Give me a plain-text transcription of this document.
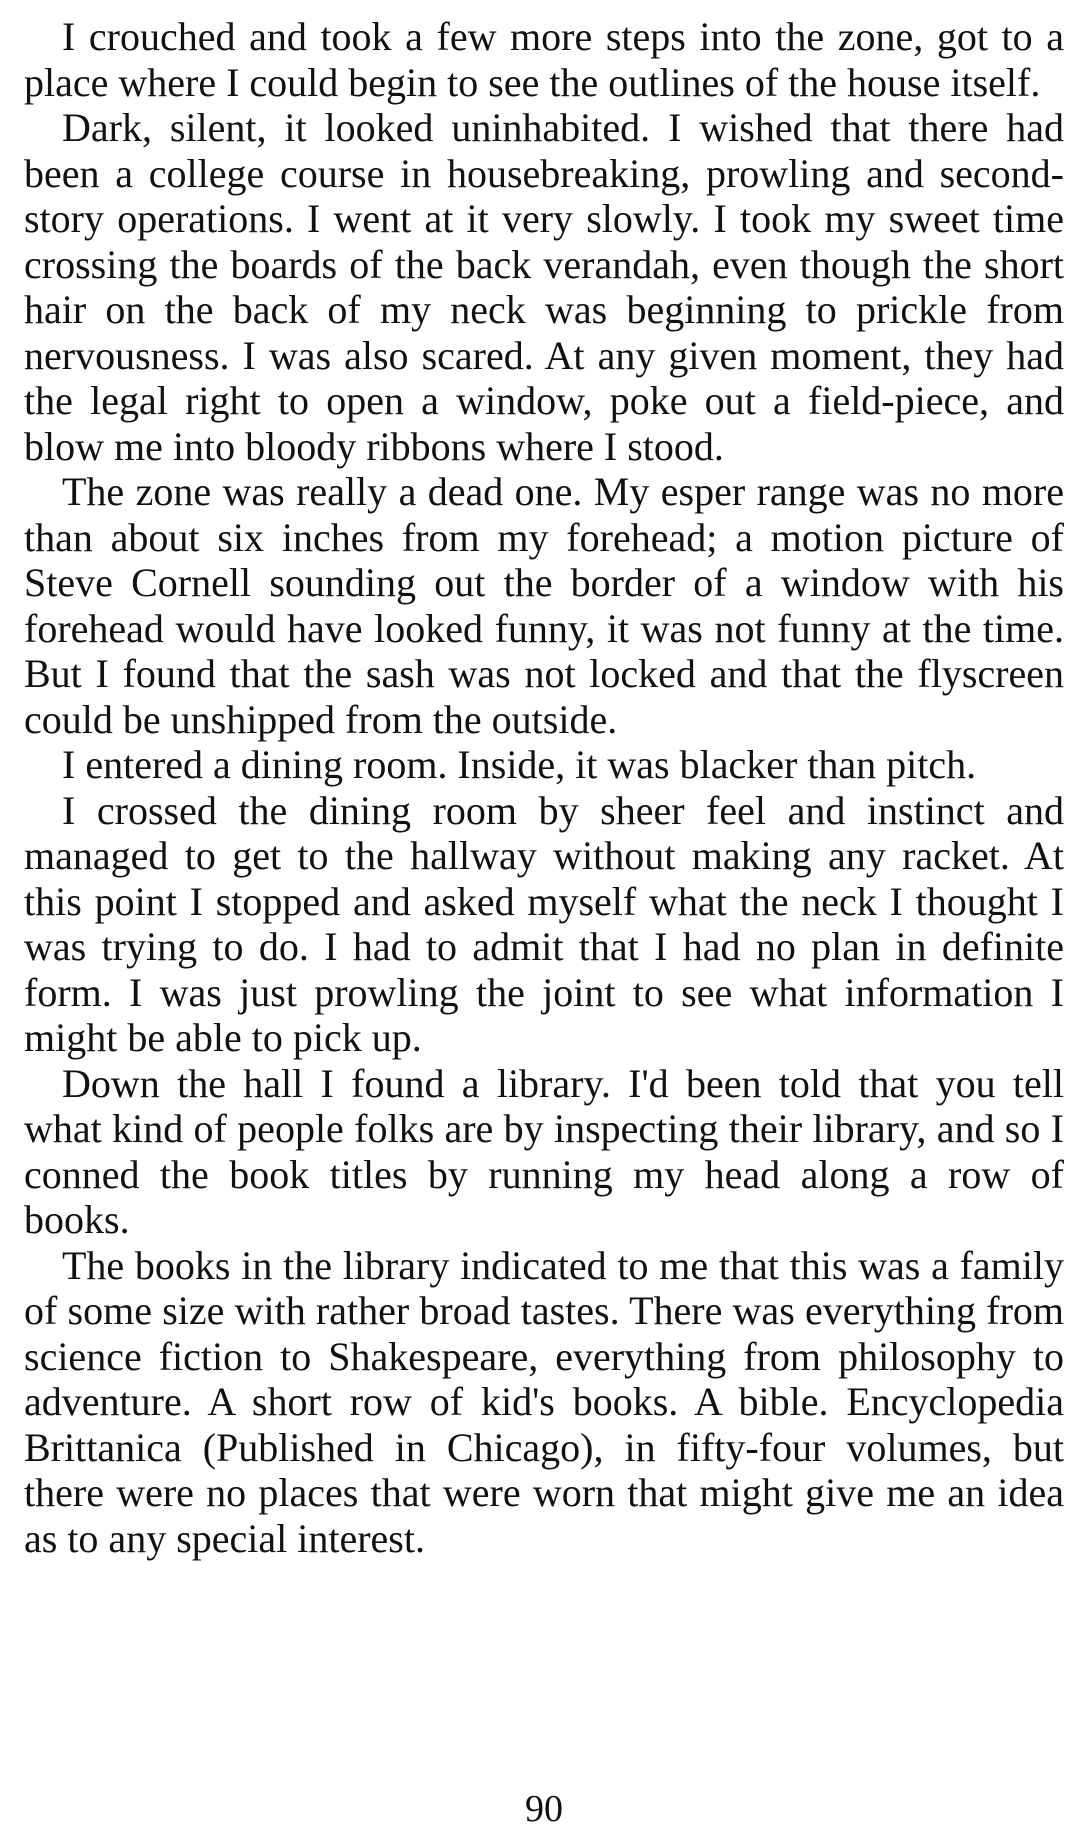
I crouched and took a few more steps into the zone, got to a place where I could begin to see the outlines of the house itself.

Dark, silent, it looked uninhabited. I wished that there had been a college course in housebreaking, prowling and second-story operations. I went at it very slowly. I took my sweet time crossing the boards of the back verandah, even though the short hair on the back of my neck was beginning to prickle from nervousness. I was also scared. At any given moment, they had the legal right to open a window, poke out a field-piece, and blow me into bloody ribbons where I stood.

The zone was really a dead one. My esper range was no more than about six inches from my forehead; a motion picture of Steve Cornell sounding out the border of a window with his forehead would have looked funny, it was not funny at the time. But I found that the sash was not locked and that the flyscreen could be unshipped from the outside.

I entered a dining room. Inside, it was blacker than pitch.

I crossed the dining room by sheer feel and instinct and managed to get to the hallway without making any racket. At this point I stopped and asked myself what the neck I thought I was trying to do. I had to admit that I had no plan in definite form. I was just prowling the joint to see what information I might be able to pick up.

Down the hall I found a library. I'd been told that you tell what kind of people folks are by inspecting their library, and so I conned the book titles by running my head along a row of books.

The books in the library indicated to me that this was a family of some size with rather broad tastes. There was everything from science fiction to Shakespeare, everything from philosophy to adventure. A short row of kid's books. A bible. Encyclopedia Brittanica (Published in Chicago), in fifty-four volumes, but there were no places that were worn that might give me an idea as to any special interest.

90
